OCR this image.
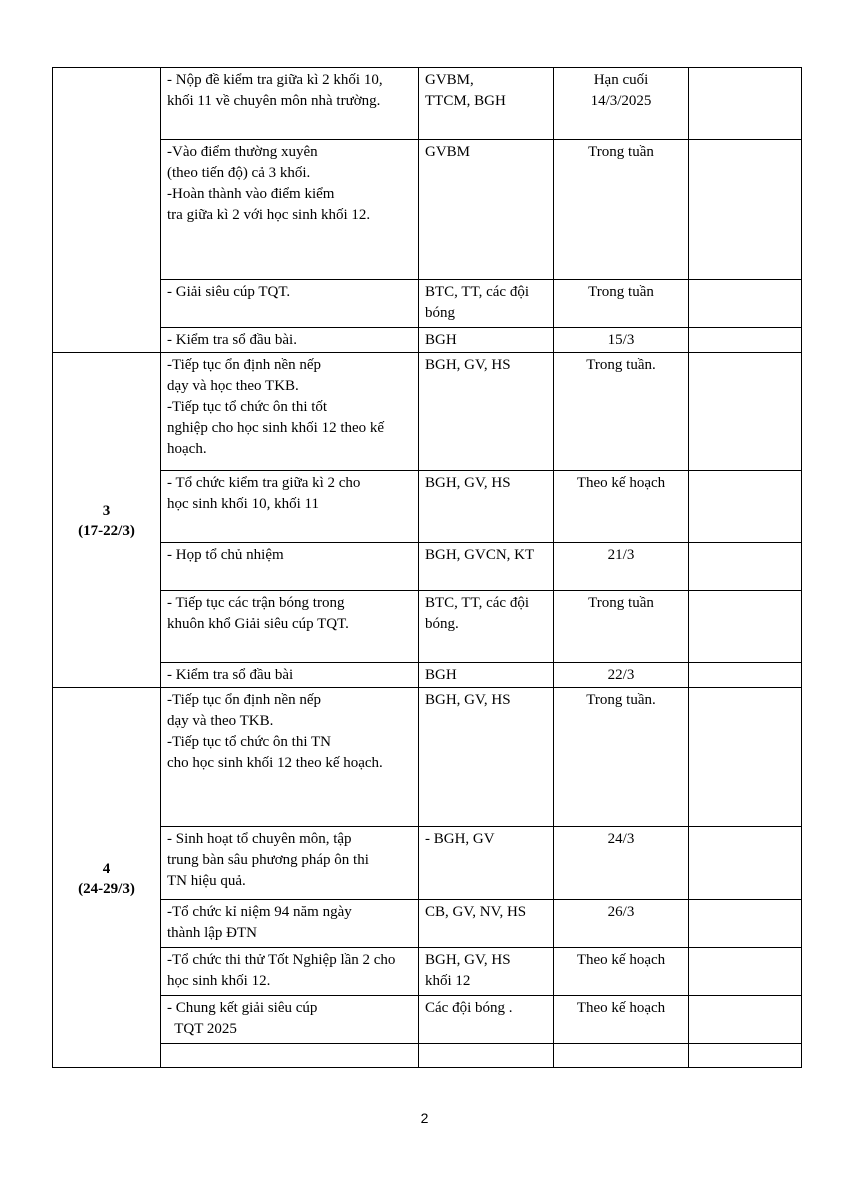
	- Nộp đề kiểm tra giữa kì 2 khối 10,
khối 11 về chuyên môn nhà trường.	GVBM,
TTCM, BGH	Hạn cuối
14/3/2025	

	-Vào điểm thường xuyên
(theo tiến độ) cả 3 khối.
-Hoàn thành vào điểm kiểm
tra giữa kì 2 với học sinh khối 12.	GVBM	Trong tuần	

	- Giải siêu cúp TQT.	BTC, TT, các đội
bóng	Trong tuần	

	- Kiểm tra sổ đầu bài.	BGH	15/3	

3
(17-22/3)	-Tiếp tục ổn định nền nếp
dạy và học theo TKB.
-Tiếp tục tổ chức ôn thi tốt
nghiệp cho học sinh khối 12 theo kế
hoạch.	BGH, GV, HS	Trong tuần.	

	- Tổ chức kiểm tra giữa kì 2 cho
học sinh khối 10, khối 11	BGH, GV, HS	Theo kế hoạch	

	- Họp tổ chủ nhiệm	BGH, GVCN, KT	21/3	

	- Tiếp tục các trận bóng trong
khuôn khổ Giải siêu cúp TQT.	BTC, TT, các đội
bóng.	Trong tuần	

	- Kiểm tra sổ đầu bài	BGH	22/3	

4
(24-29/3)	-Tiếp tục ổn định nền nếp
dạy và theo TKB.
-Tiếp tục tổ chức ôn thi TN
cho học sinh khối 12 theo kế hoạch.	BGH, GV, HS	Trong tuần.	

	- Sinh hoạt tổ chuyên môn, tập
trung bàn sâu phương pháp ôn thi
TN hiệu quả.	- BGH, GV	24/3	

	-Tổ chức kỉ niệm 94 năm ngày
thành lập ĐTN	CB, GV, NV, HS	26/3	

	-Tổ chức thi thử Tốt Nghiệp lần 2 cho
học sinh khối 12.	BGH, GV, HS
khối 12	Theo kế hoạch	

	- Chung kết giải siêu cúp
TQT 2025	Các đội bóng .	Theo kế hoạch	

2
